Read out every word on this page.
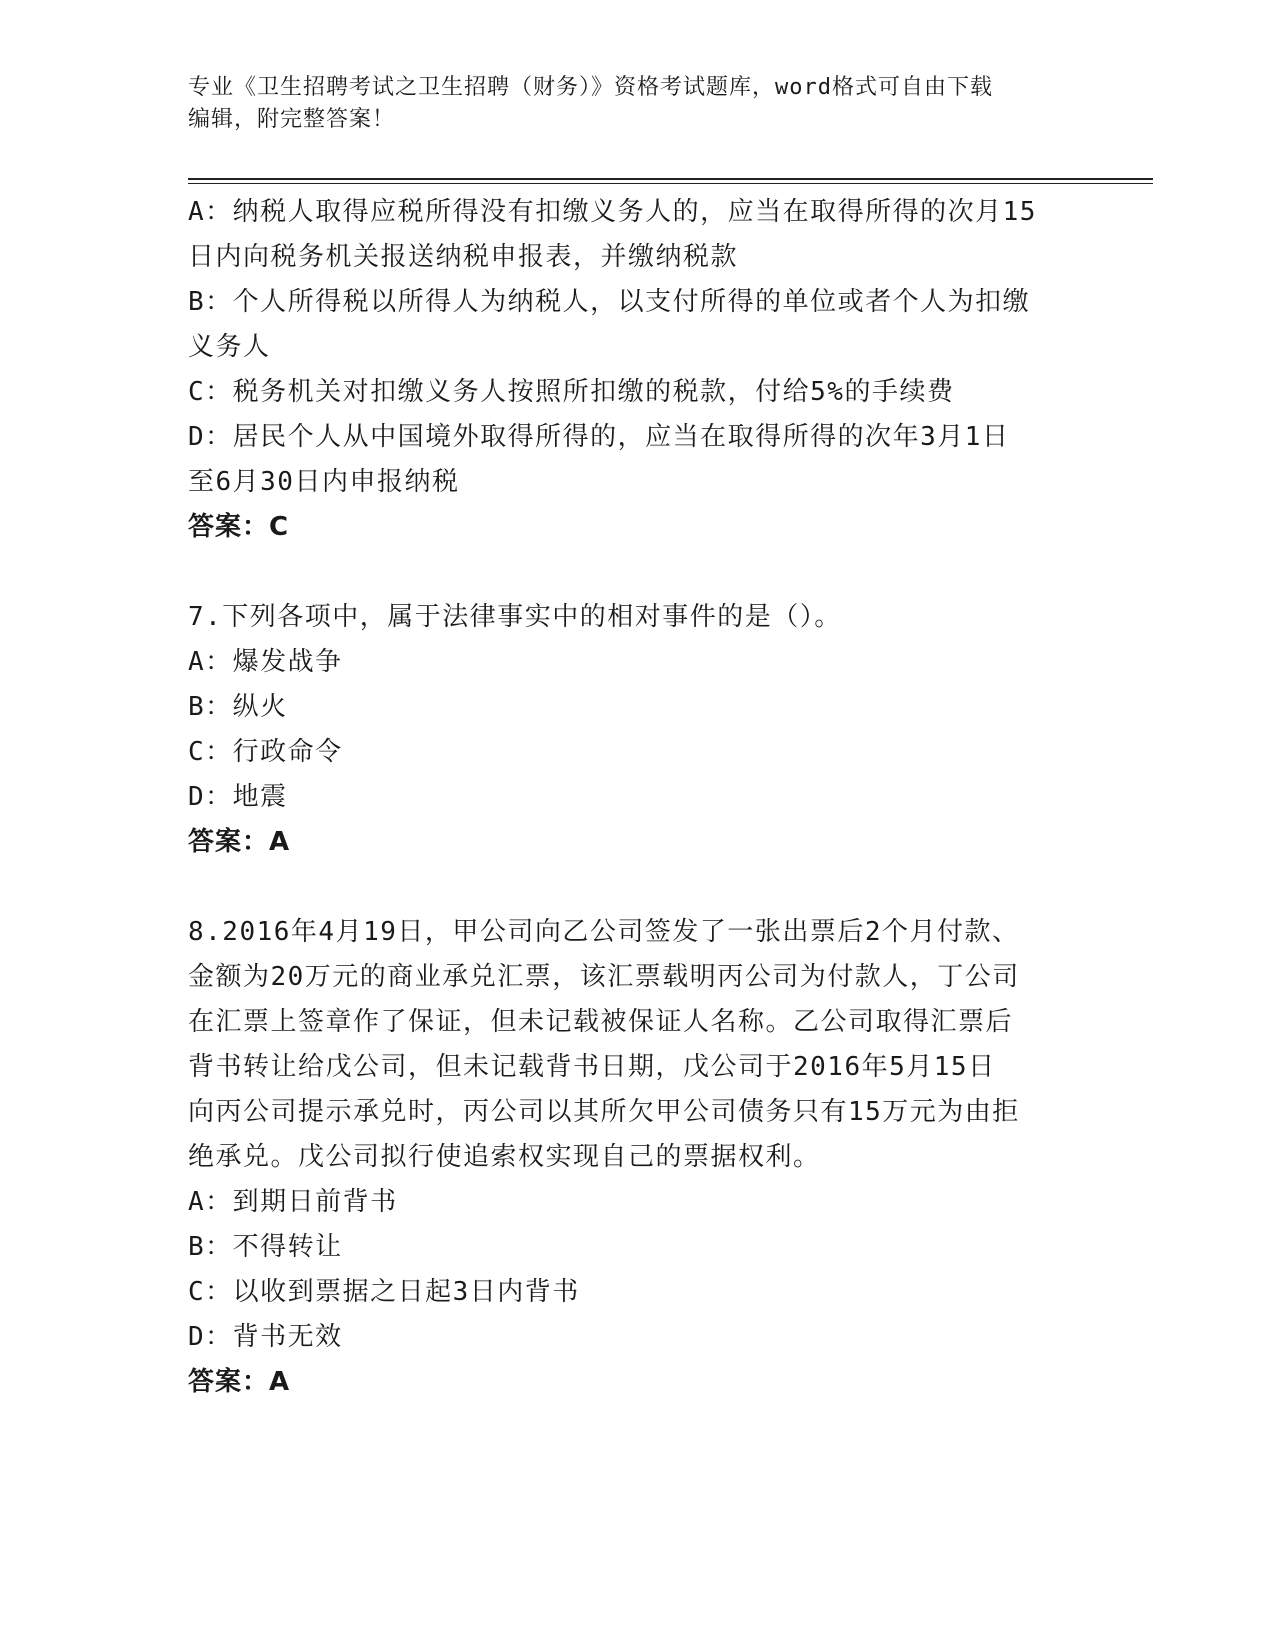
专业《卫生招聘考试之卫生招聘（财务）》资格考试题库，word格式可自由下载
编辑，附完整答案！
A：纳税人取得应税所得没有扣缴义务人的，应当在取得所得的次月15
日内向税务机关报送纳税申报表，并缴纳税款
B：个人所得税以所得人为纳税人，以支付所得的单位或者个人为扣缴
义务人
C：税务机关对扣缴义务人按照所扣缴的税款，付给5%的手续费
D：居民个人从中国境外取得所得的，应当在取得所得的次年3月1日
至6月30日内申报纳税
答案：C
7.下列各项中，属于法律事实中的相对事件的是（）。
A：爆发战争
B：纵火
C：行政命令
D：地震
答案：A
8.2016年4月19日，甲公司向乙公司签发了一张出票后2个月付款、
金额为20万元的商业承兑汇票，该汇票载明丙公司为付款人，丁公司
在汇票上签章作了保证，但未记载被保证人名称。乙公司取得汇票后
背书转让给戊公司，但未记载背书日期，戊公司于2016年5月15日
向丙公司提示承兑时，丙公司以其所欠甲公司债务只有15万元为由拒
绝承兑。戊公司拟行使追索权实现自己的票据权利。
A：到期日前背书
B：不得转让
C：以收到票据之日起3日内背书
D：背书无效
答案：A
